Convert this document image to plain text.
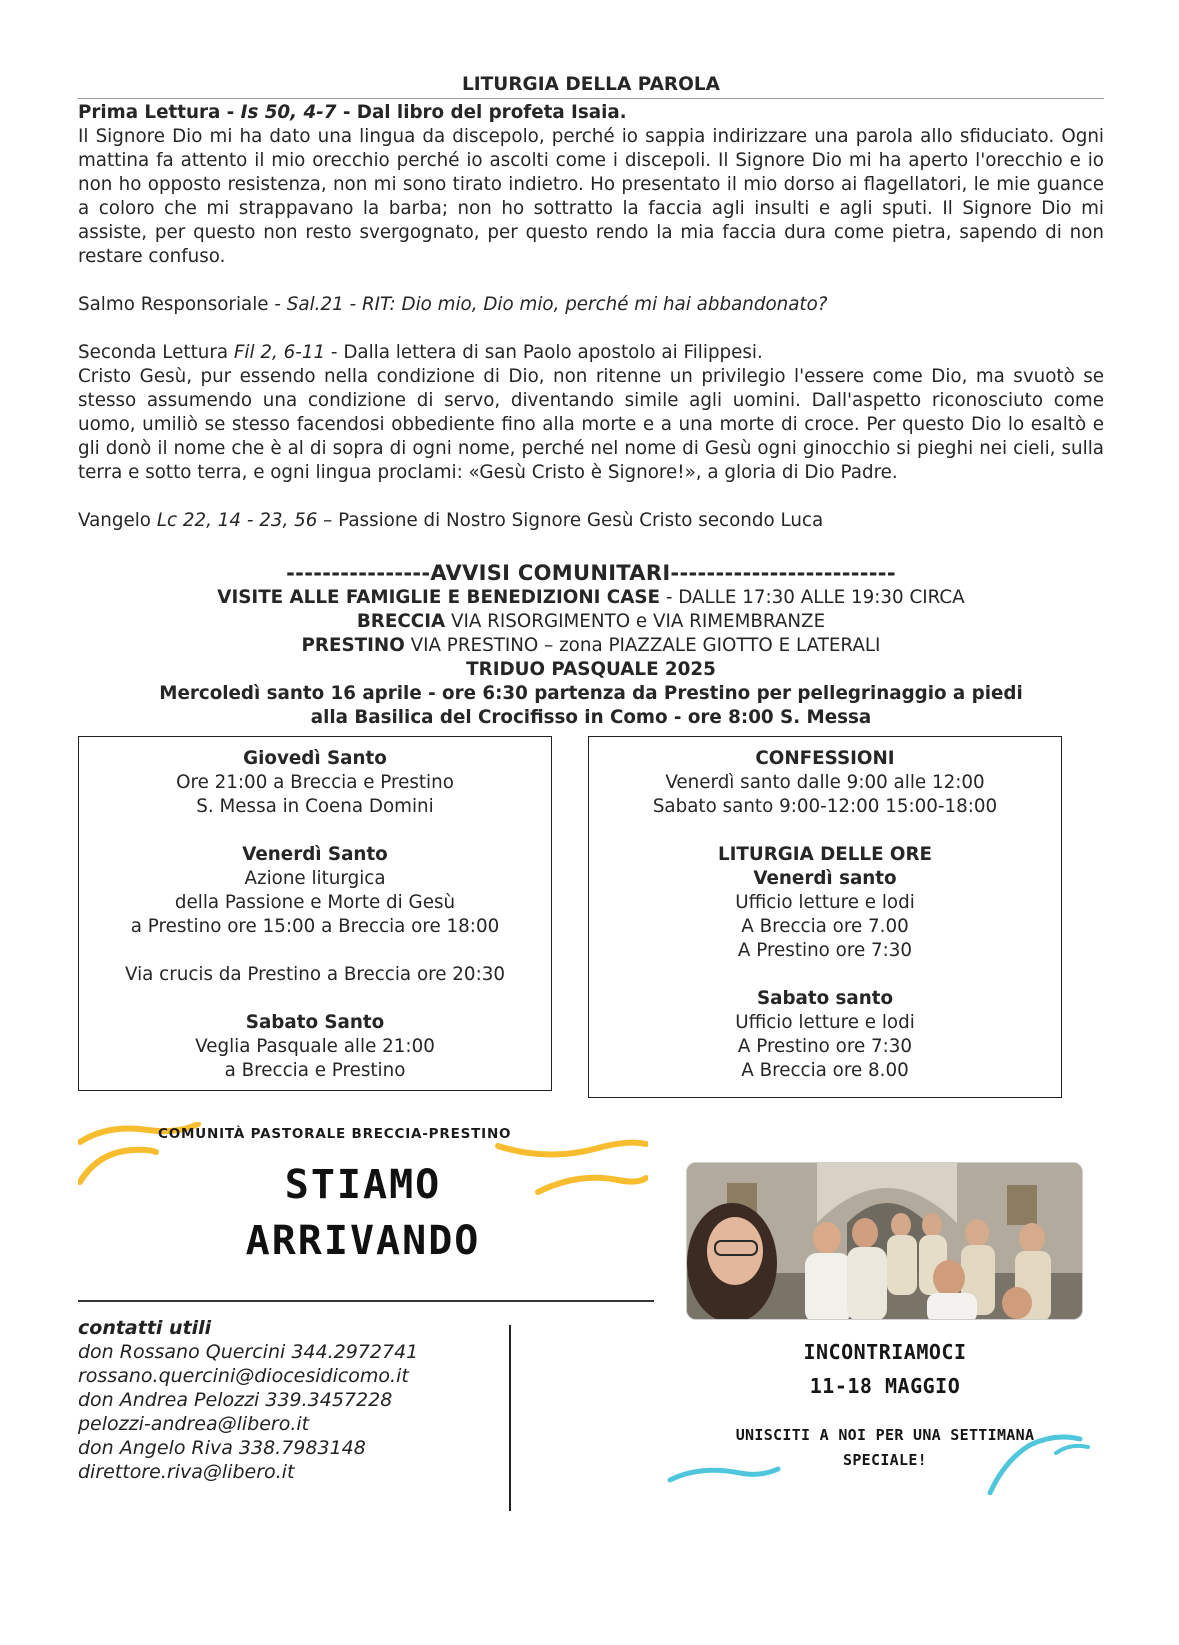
LITURGIA DELLA PAROLA
Prima Lettura - Is 50, 4-7 - Dal libro del profeta Isaia.

Il Signore Dio mi ha dato una lingua da discepolo, perché io sappia indirizzare una parola allo sfiduciato. Ogni mattina fa attento il mio orecchio perché io ascolti come i discepoli. Il Signore Dio mi ha aperto l'orecchio e io non ho opposto resistenza, non mi sono tirato indietro. Ho presentato il mio dorso ai flagellatori, le mie guance a coloro che mi strappavano la barba; non ho sottratto la faccia agli insulti e agli sputi. Il Signore Dio mi assiste, per questo non resto svergognato, per questo rendo la mia faccia dura come pietra, sapendo di non restare confuso.

Salmo Responsoriale - Sal.21 - RIT: Dio mio, Dio mio, perché mi hai abbandonato?
Seconda Lettura Fil 2, 6-11 - Dalla lettera di san Paolo apostolo ai Filippesi.

Cristo Gesù, pur essendo nella condizione di Dio, non ritenne un privilegio l'essere come Dio, ma svuotò se stesso assumendo una condizione di servo, diventando simile agli uomini. Dall'aspetto riconosciuto come uomo, umiliò se stesso facendosi obbediente fino alla morte e a una morte di croce. Per questo Dio lo esaltò e gli donò il nome che è al di sopra di ogni nome, perché nel nome di Gesù ogni ginocchio si pieghi nei cieli, sulla terra e sotto terra, e ogni lingua proclami: «Gesù Cristo è Signore!», a gloria di Dio Padre.

Vangelo Lc 22, 14 - 23, 56 – Passione di Nostro Signore Gesù Cristo secondo Luca
----------------AVVISI COMUNITARI-------------------------
VISITE ALLE FAMIGLIE E BENEDIZIONI CASE - DALLE 17:30 ALLE 19:30 CIRCA
BRECCIA VIA RISORGIMENTO e VIA RIMEMBRANZE
PRESTINO VIA PRESTINO – zona PIAZZALE GIOTTO E LATERALI
TRIDUO PASQUALE 2025
Mercoledì santo 16 aprile - ore 6:30 partenza da Prestino per pellegrinaggio a piedi
alla Basilica del Crocifisso in Como - ore 8:00 S. Messa
Giovedì Santo
Ore 21:00 a Breccia e Prestino
S. Messa in Coena Domini
Venerdì Santo
Azione liturgica
della Passione e Morte di Gesù
a Prestino ore 15:00 a Breccia ore 18:00
Via crucis da Prestino a Breccia ore 20:30
Sabato Santo
Veglia Pasquale alle 21:00
a Breccia e Prestino
CONFESSIONI
Venerdì santo dalle 9:00 alle 12:00
Sabato santo 9:00-12:00 15:00-18:00
LITURGIA DELLE ORE
Venerdì santo
Ufficio letture e lodi
A Breccia ore 7.00
A Prestino ore 7:30
Sabato santo
Ufficio letture e lodi
A Prestino ore 7:30
A Breccia ore 8.00
COMUNITÀ PASTORALE BRECCIA-PRESTINO
STIAMO
ARRIVANDO
contatti utili
don Rossano Quercini 344.2972741
rossano.quercini@diocesidicomo.it
don Andrea Pelozzi 339.3457228
pelozzi-andrea@libero.it
don Angelo Riva 338.7983148
direttore.riva@libero.it
INCONTRIAMOCI
11-18 MAGGIO
UNISCITI A NOI PER UNA SETTIMANA
SPECIALE!
